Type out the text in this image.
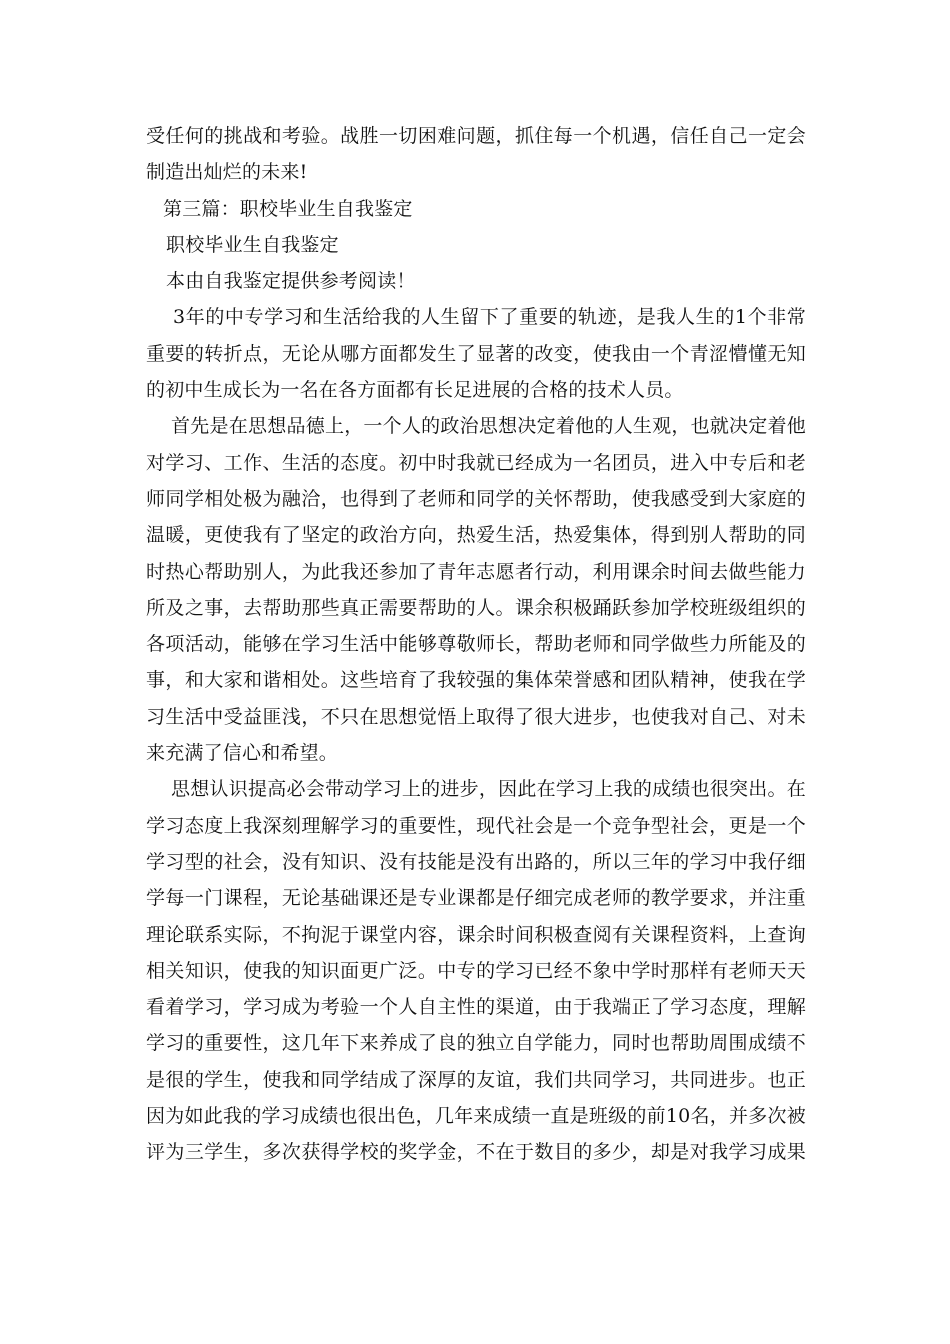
受任何的挑战和考验。战胜一切困难问题，抓住每一个机遇，信任自己一定会
制造出灿烂的未来!
第三篇：职校毕业生自我鉴定
职校毕业生自我鉴定
本由自我鉴定提供参考阅读！
3年的中专学习和生活给我的人生留下了重要的轨迹，是我人生的1个非常
重要的转折点，无论从哪方面都发生了显著的改变，使我由一个青涩懵懂无知
的初中生成长为一名在各方面都有长足进展的合格的技术人员。
首先是在思想品德上，一个人的政治思想决定着他的人生观，也就决定着他
对学习、工作、生活的态度。初中时我就已经成为一名团员，进入中专后和老
师同学相处极为融洽，也得到了老师和同学的关怀帮助，使我感受到大家庭的
温暖，更使我有了坚定的政治方向，热爱生活，热爱集体，得到别人帮助的同
时热心帮助别人，为此我还参加了青年志愿者行动，利用课余时间去做些能力
所及之事，去帮助那些真正需要帮助的人。课余积极踊跃参加学校班级组织的
各项活动，能够在学习生活中能够尊敬师长，帮助老师和同学做些力所能及的
事，和大家和谐相处。这些培育了我较强的集体荣誉感和团队精神，使我在学
习生活中受益匪浅，不只在思想觉悟上取得了很大进步，也使我对自己、对未
来充满了信心和希望。
思想认识提高必会带动学习上的进步，因此在学习上我的成绩也很突出。在
学习态度上我深刻理解学习的重要性，现代社会是一个竞争型社会，更是一个
学习型的社会，没有知识、没有技能是没有出路的，所以三年的学习中我仔细
学每一门课程，无论基础课还是专业课都是仔细完成老师的教学要求，并注重
理论联系实际，不拘泥于课堂内容，课余时间积极查阅有关课程资料，上查询
相关知识，使我的知识面更广泛。中专的学习已经不象中学时那样有老师天天
看着学习，学习成为考验一个人自主性的渠道，由于我端正了学习态度，理解
学习的重要性，这几年下来养成了良的独立自学能力，同时也帮助周围成绩不
是很的学生，使我和同学结成了深厚的友谊，我们共同学习，共同进步。也正
因为如此我的学习成绩也很出色，几年来成绩一直是班级的前10名，并多次被
评为三学生，多次获得学校的奖学金，不在于数目的多少，却是对我学习成果
